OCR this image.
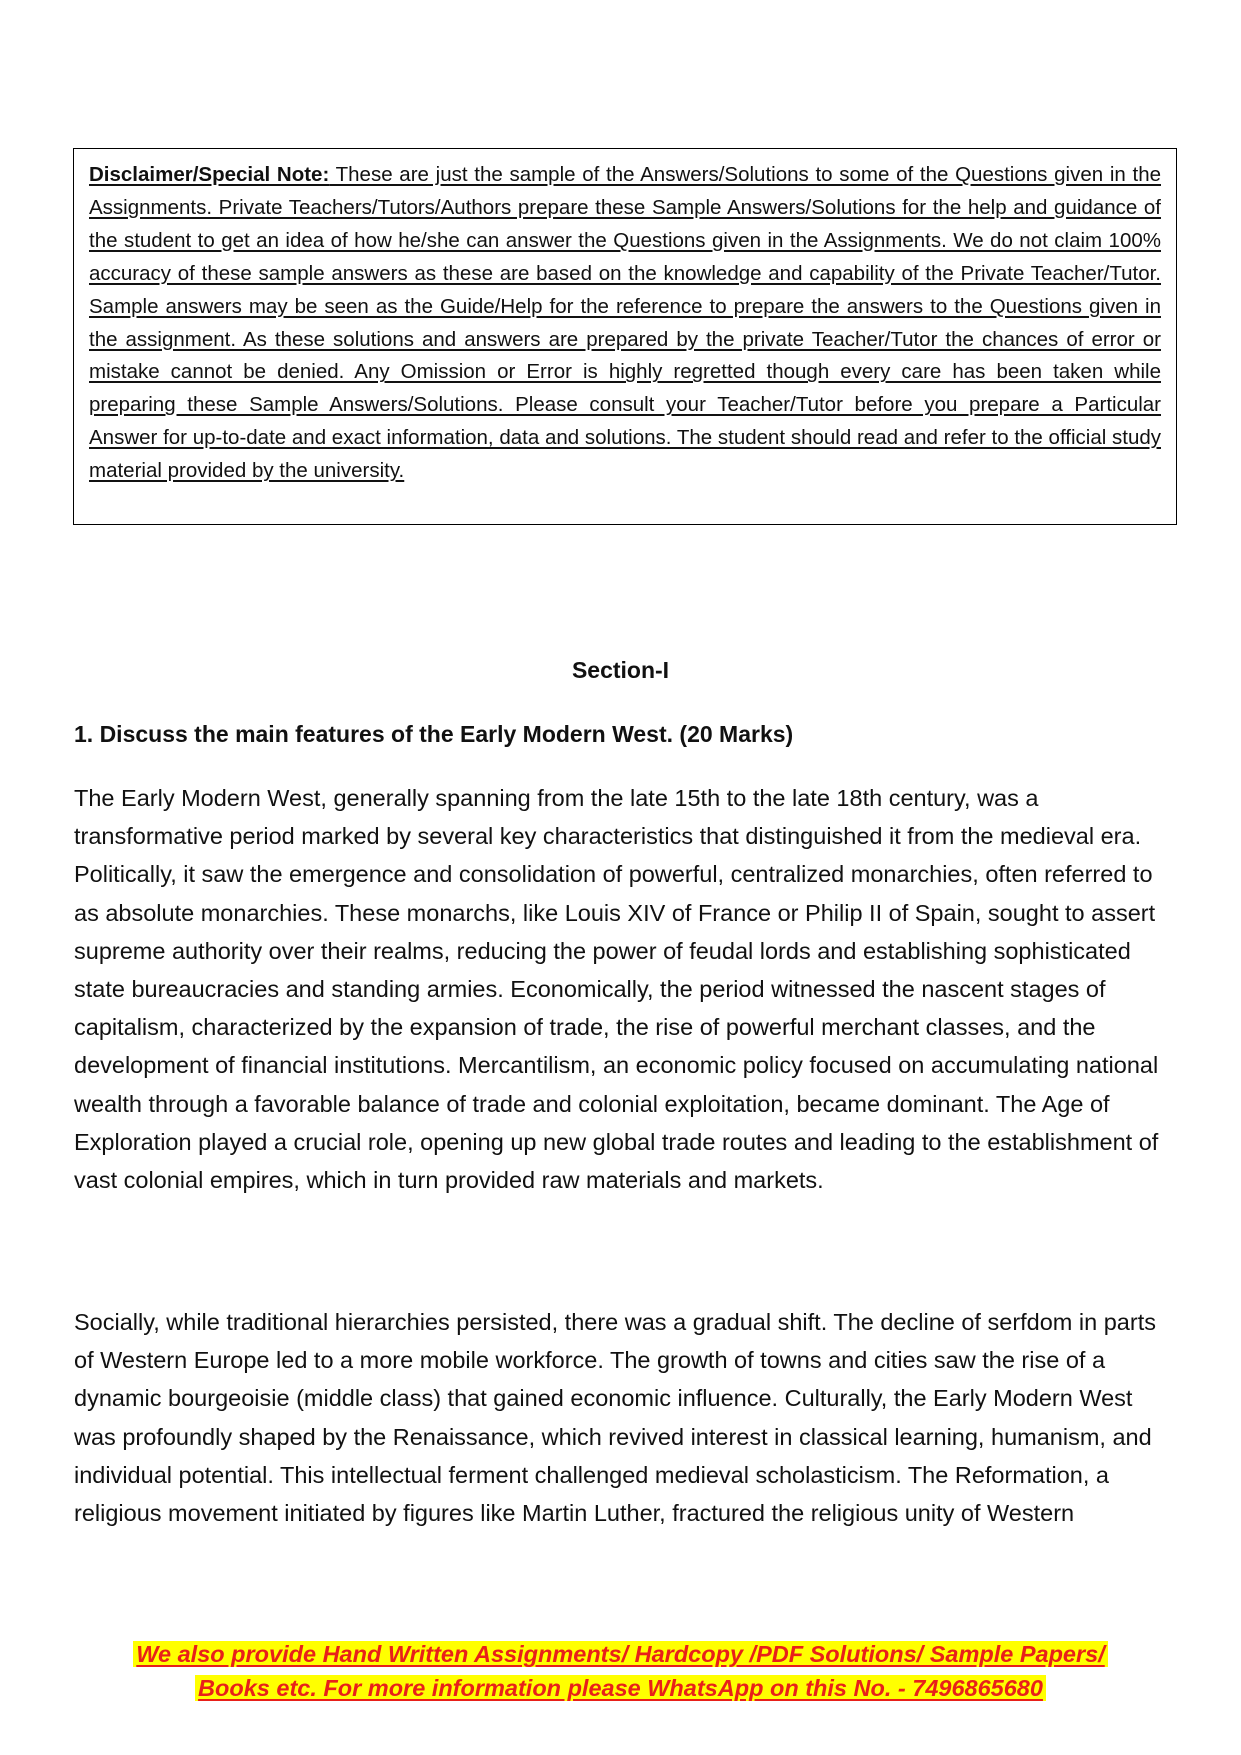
Disclaimer/Special Note: These are just the sample of the Answers/Solutions to some of the Questions given in the Assignments. Private Teachers/Tutors/Authors prepare these Sample Answers/Solutions for the help and guidance of the student to get an idea of how he/she can answer the Questions given in the Assignments. We do not claim 100% accuracy of these sample answers as these are based on the knowledge and capability of the Private Teacher/Tutor. Sample answers may be seen as the Guide/Help for the reference to prepare the answers to the Questions given in the assignment. As these solutions and answers are prepared by the private Teacher/Tutor the chances of error or mistake cannot be denied. Any Omission or Error is highly regretted though every care has been taken while preparing these Sample Answers/Solutions. Please consult your Teacher/Tutor before you prepare a Particular Answer for up-to-date and exact information, data and solutions. The student should read and refer to the official study material provided by the university.

Section-I
1. Discuss the main features of the Early Modern West. (20 Marks)

The Early Modern West, generally spanning from the late 15th to the late 18th century, was a transformative period marked by several key characteristics that distinguished it from the medieval era. Politically, it saw the emergence and consolidation of powerful, centralized monarchies, often referred to as absolute monarchies. These monarchs, like Louis XIV of France or Philip II of Spain, sought to assert supreme authority over their realms, reducing the power of feudal lords and establishing sophisticated state bureaucracies and standing armies. Economically, the period witnessed the nascent stages of capitalism, characterized by the expansion of trade, the rise of powerful merchant classes, and the development of financial institutions. Mercantilism, an economic policy focused on accumulating national wealth through a favorable balance of trade and colonial exploitation, became dominant. The Age of Exploration played a crucial role, opening up new global trade routes and leading to the establishment of vast colonial empires, which in turn provided raw materials and markets.

Socially, while traditional hierarchies persisted, there was a gradual shift. The decline of serfdom in parts of Western Europe led to a more mobile workforce. The growth of towns and cities saw the rise of a dynamic bourgeoisie (middle class) that gained economic influence. Culturally, the Early Modern West was profoundly shaped by the Renaissance, which revived interest in classical learning, humanism, and individual potential. This intellectual ferment challenged medieval scholasticism. The Reformation, a religious movement initiated by figures like Martin Luther, fractured the religious unity of Western

We also provide Hand Written Assignments/ Hardcopy /PDF Solutions/ Sample Papers/
Books etc. For more information please WhatsApp on this No. - 7496865680
